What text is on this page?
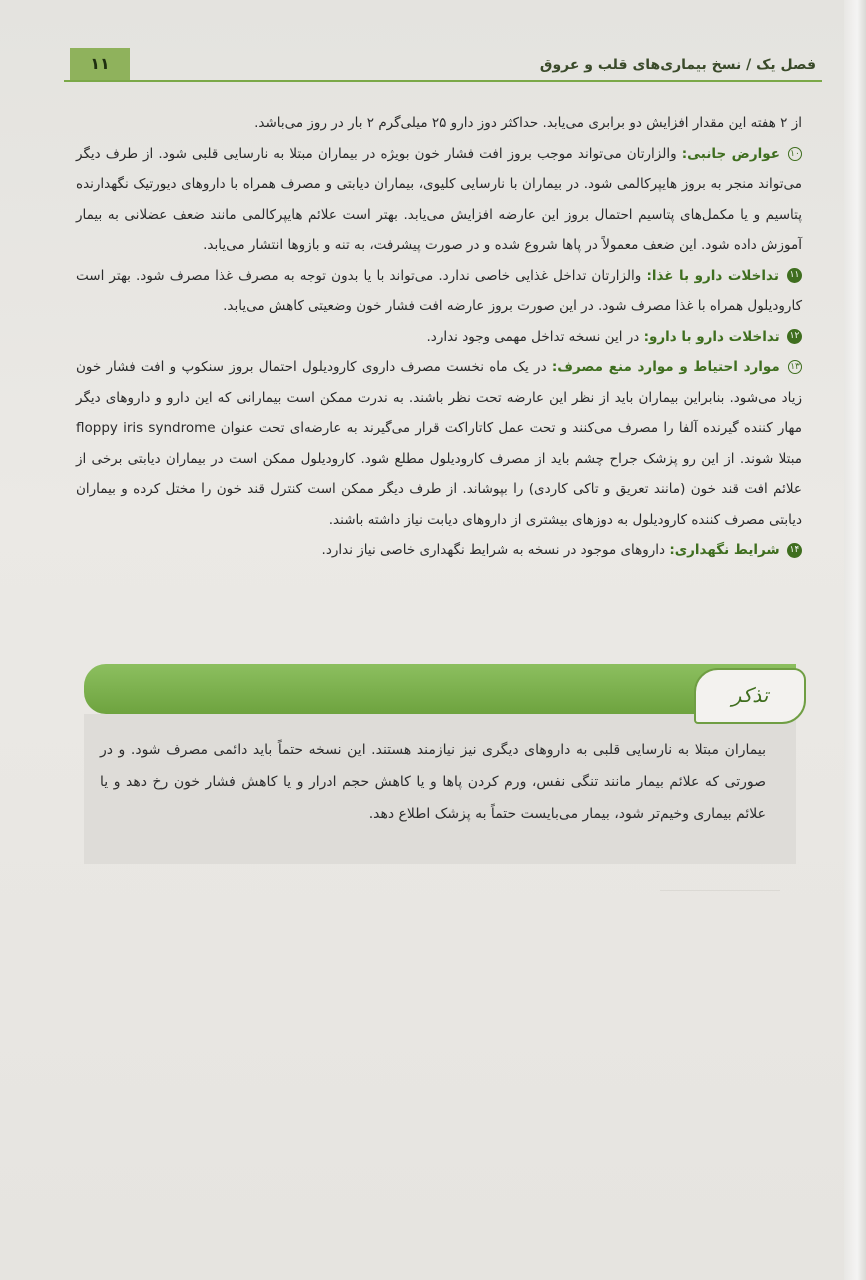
۱۱	فصل یک / نسخ بیماری‌های قلب و عروق

از ۲ هفته این مقدار افزایش دو برابری می‌یابد. حداکثر دوز دارو ۲۵ میلی‌گرم ۲ بار در روز می‌باشد.

۱۰ عوارض جانبی: والزارتان می‌تواند موجب بروز افت فشار خون بویژه در بیماران مبتلا به نارسایی قلبی شود. از طرف دیگر می‌تواند منجر به بروز هایپرکالمی شود. در بیماران با نارسایی کلیوی، بیماران دیابتی و مصرف همراه با داروهای دیورتیک نگهدارنده پتاسیم و یا مکمل‌های پتاسیم احتمال بروز این عارضه افزایش می‌یابد. بهتر است علائم هایپرکالمی مانند ضعف عضلانی به بیمار آموزش داده شود. این ضعف معمولاً در پاها شروع شده و در صورت پیشرفت، به تنه و بازوها انتشار می‌یابد.

۱۱ تداخلات دارو با غذا: والزارتان تداخل غذایی خاصی ندارد. می‌تواند با یا بدون توجه به مصرف غذا مصرف شود. بهتر است کارودیلول همراه با غذا مصرف شود. در این صورت بروز عارضه افت فشار خون وضعیتی کاهش می‌یابد.

۱۲ تداخلات دارو با دارو: در این نسخه تداخل مهمی وجود ندارد.

۱۳ موارد احتیاط و موارد منع مصرف: در یک ماه نخست مصرف داروی کارودیلول احتمال بروز سنکوپ و افت فشار خون زیاد می‌شود. بنابراین بیماران باید از نظر این عارضه تحت نظر باشند. به ندرت ممکن است بیمارانی که این دارو و داروهای دیگر مهار کننده گیرنده آلفا را مصرف می‌کنند و تحت عمل کاتاراکت قرار می‌گیرند به عارضه‌ای تحت عنوان floppy iris syndrome مبتلا شوند. از این رو پزشک جراح چشم باید از مصرف کارودیلول مطلع شود. کارودیلول ممکن است در بیماران دیابتی برخی از علائم افت قند خون (مانند تعریق و تاکی کاردی) را بپوشاند. از طرف دیگر ممکن است کنترل قند خون را مختل کرده و بیماران دیابتی مصرف کننده کارودیلول به دوزهای بیشتری از داروهای دیابت نیاز داشته باشند.

۱۴ شرایط نگهداری: داروهای موجود در نسخه به شرایط نگهداری خاصی نیاز ندارد.

تذکر
بیماران مبتلا به نارسایی قلبی به داروهای دیگری نیز نیازمند هستند. این نسخه حتماً باید دائمی مصرف شود. و در صورتی که علائم بیمار مانند تنگی نفس، ورم کردن پاها و یا کاهش حجم ادرار و یا کاهش فشار خون رخ دهد و یا علائم بیماری وخیم‌تر شود، بیمار می‌بایست حتماً به پزشک اطلاع دهد.
